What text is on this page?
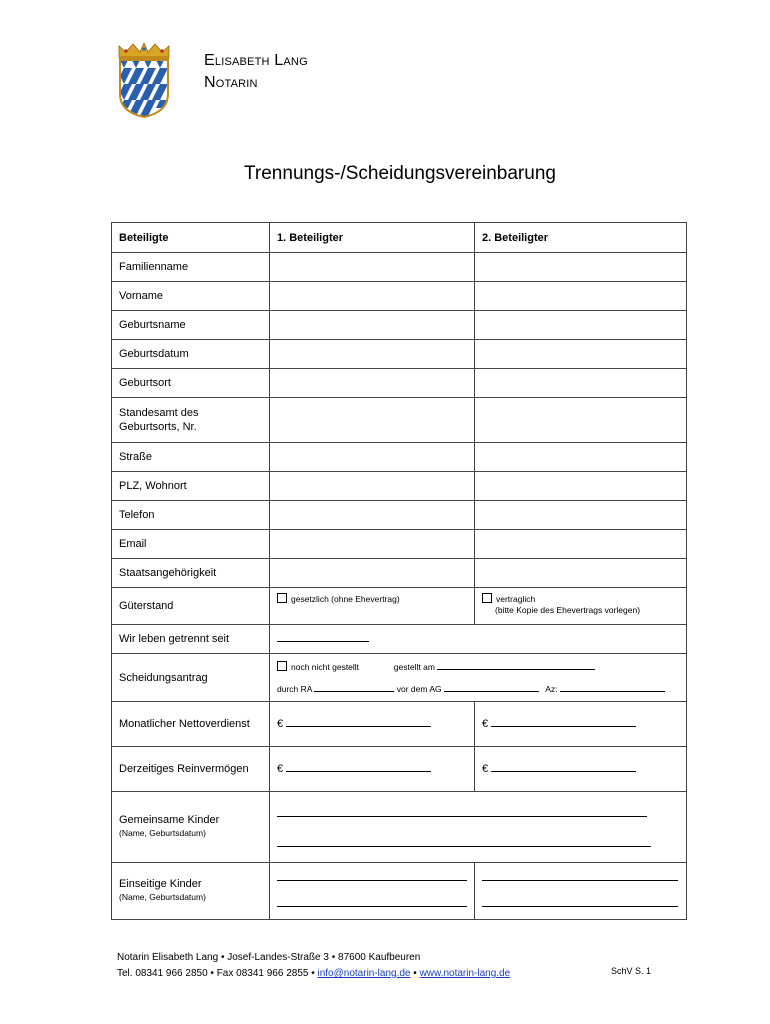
Elisabeth Lang
Notarin
Trennungs-/Scheidungsvereinbarung
Beteiligte	1. Beteiligter	2. Beteiligter
Familienname		
Vorname		
Geburtsname		
Geburtsdatum		
Geburtsort		
Standesamt des Geburtsorts, Nr.		
Straße		
PLZ, Wohnort		
Telefon		
Email		
Staatsangehörigkeit		
Güterstand	gesetzlich (ohne Ehevertrag)	vertraglich
(bitte Kopie des Ehevertrags vorlegen)
Wir leben getrennt seit		
Scheidungsantrag	noch nicht gestellt gestellt am
durch RA vor dem AG Az:	

Monatlicher Nettoverdienst	€	€
Derzeitiges Reinvermögen	€	€

Gemeinsame Kinder
(Name, Geburtsdatum)		

Einseitige Kinder
(Name, Geburtsdatum)		

Notarin Elisabeth Lang • Josef-Landes-Straße 3 • 87600 Kaufbeuren
Tel. 08341 966 2850 • Fax 08341 966 2855 • info@notarin-lang.de • www.notarin-lang.de	SchV S. 1
